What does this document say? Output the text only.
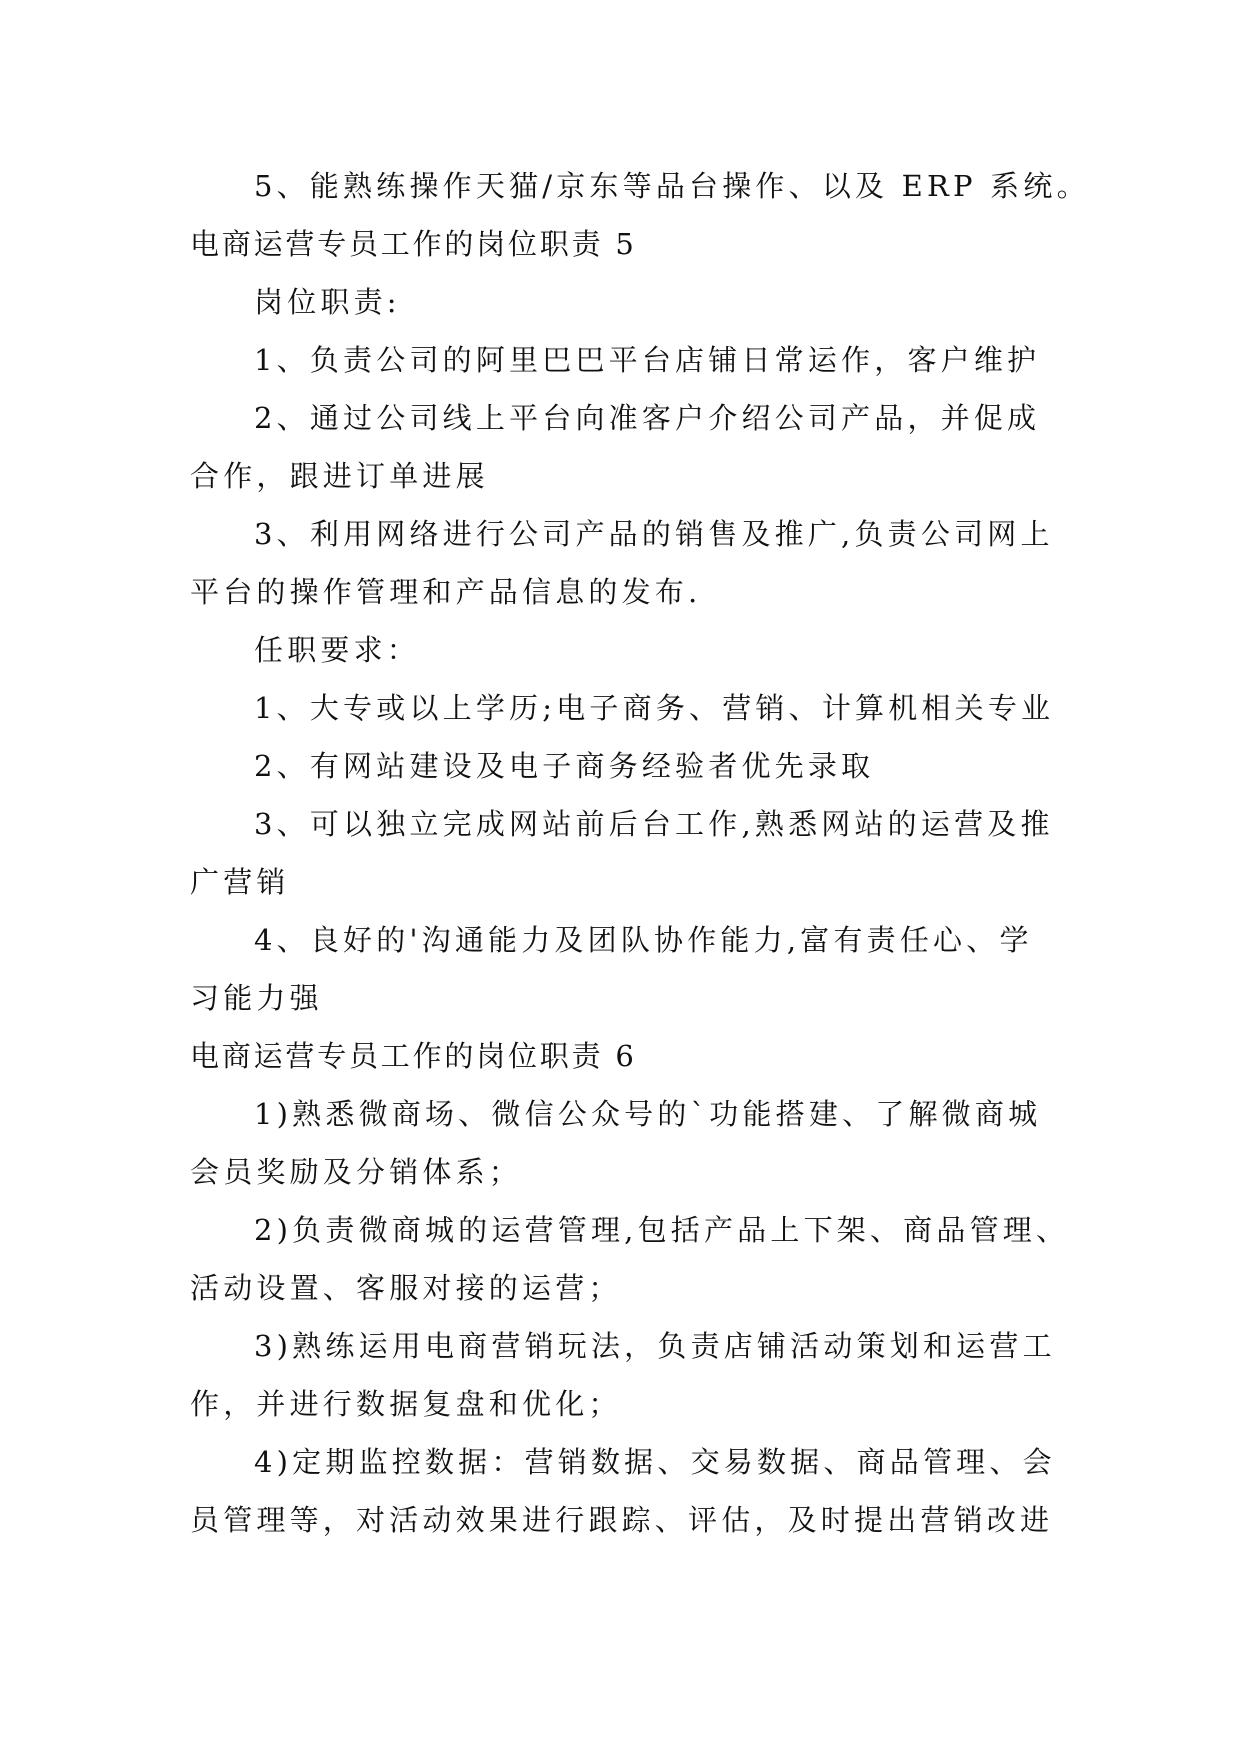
5、能熟练操作天猫/京东等品台操作、以及 ERP 系统。
电商运营专员工作的岗位职责 5
岗位职责:
1、负责公司的阿里巴巴平台店铺日常运作，客户维护
2、通过公司线上平台向准客户介绍公司产品，并促成
合作，跟进订单进展
3、利用网络进行公司产品的销售及推广,负责公司网上
平台的操作管理和产品信息的发布.
任职要求：
1、大专或以上学历;电子商务、营销、计算机相关专业
2、有网站建设及电子商务经验者优先录取
3、可以独立完成网站前后台工作,熟悉网站的运营及推
广营销
4、良好的'沟通能力及团队协作能力,富有责任心、学
习能力强
电商运营专员工作的岗位职责 6
1)熟悉微商场、微信公众号的`功能搭建、了解微商城
会员奖励及分销体系；
2)负责微商城的运营管理,包括产品上下架、商品管理、
活动设置、客服对接的运营；
3)熟练运用电商营销玩法，负责店铺活动策划和运营工
作，并进行数据复盘和优化；
4)定期监控数据：营销数据、交易数据、商品管理、会
员管理等，对活动效果进行跟踪、评估，及时提出营销改进
